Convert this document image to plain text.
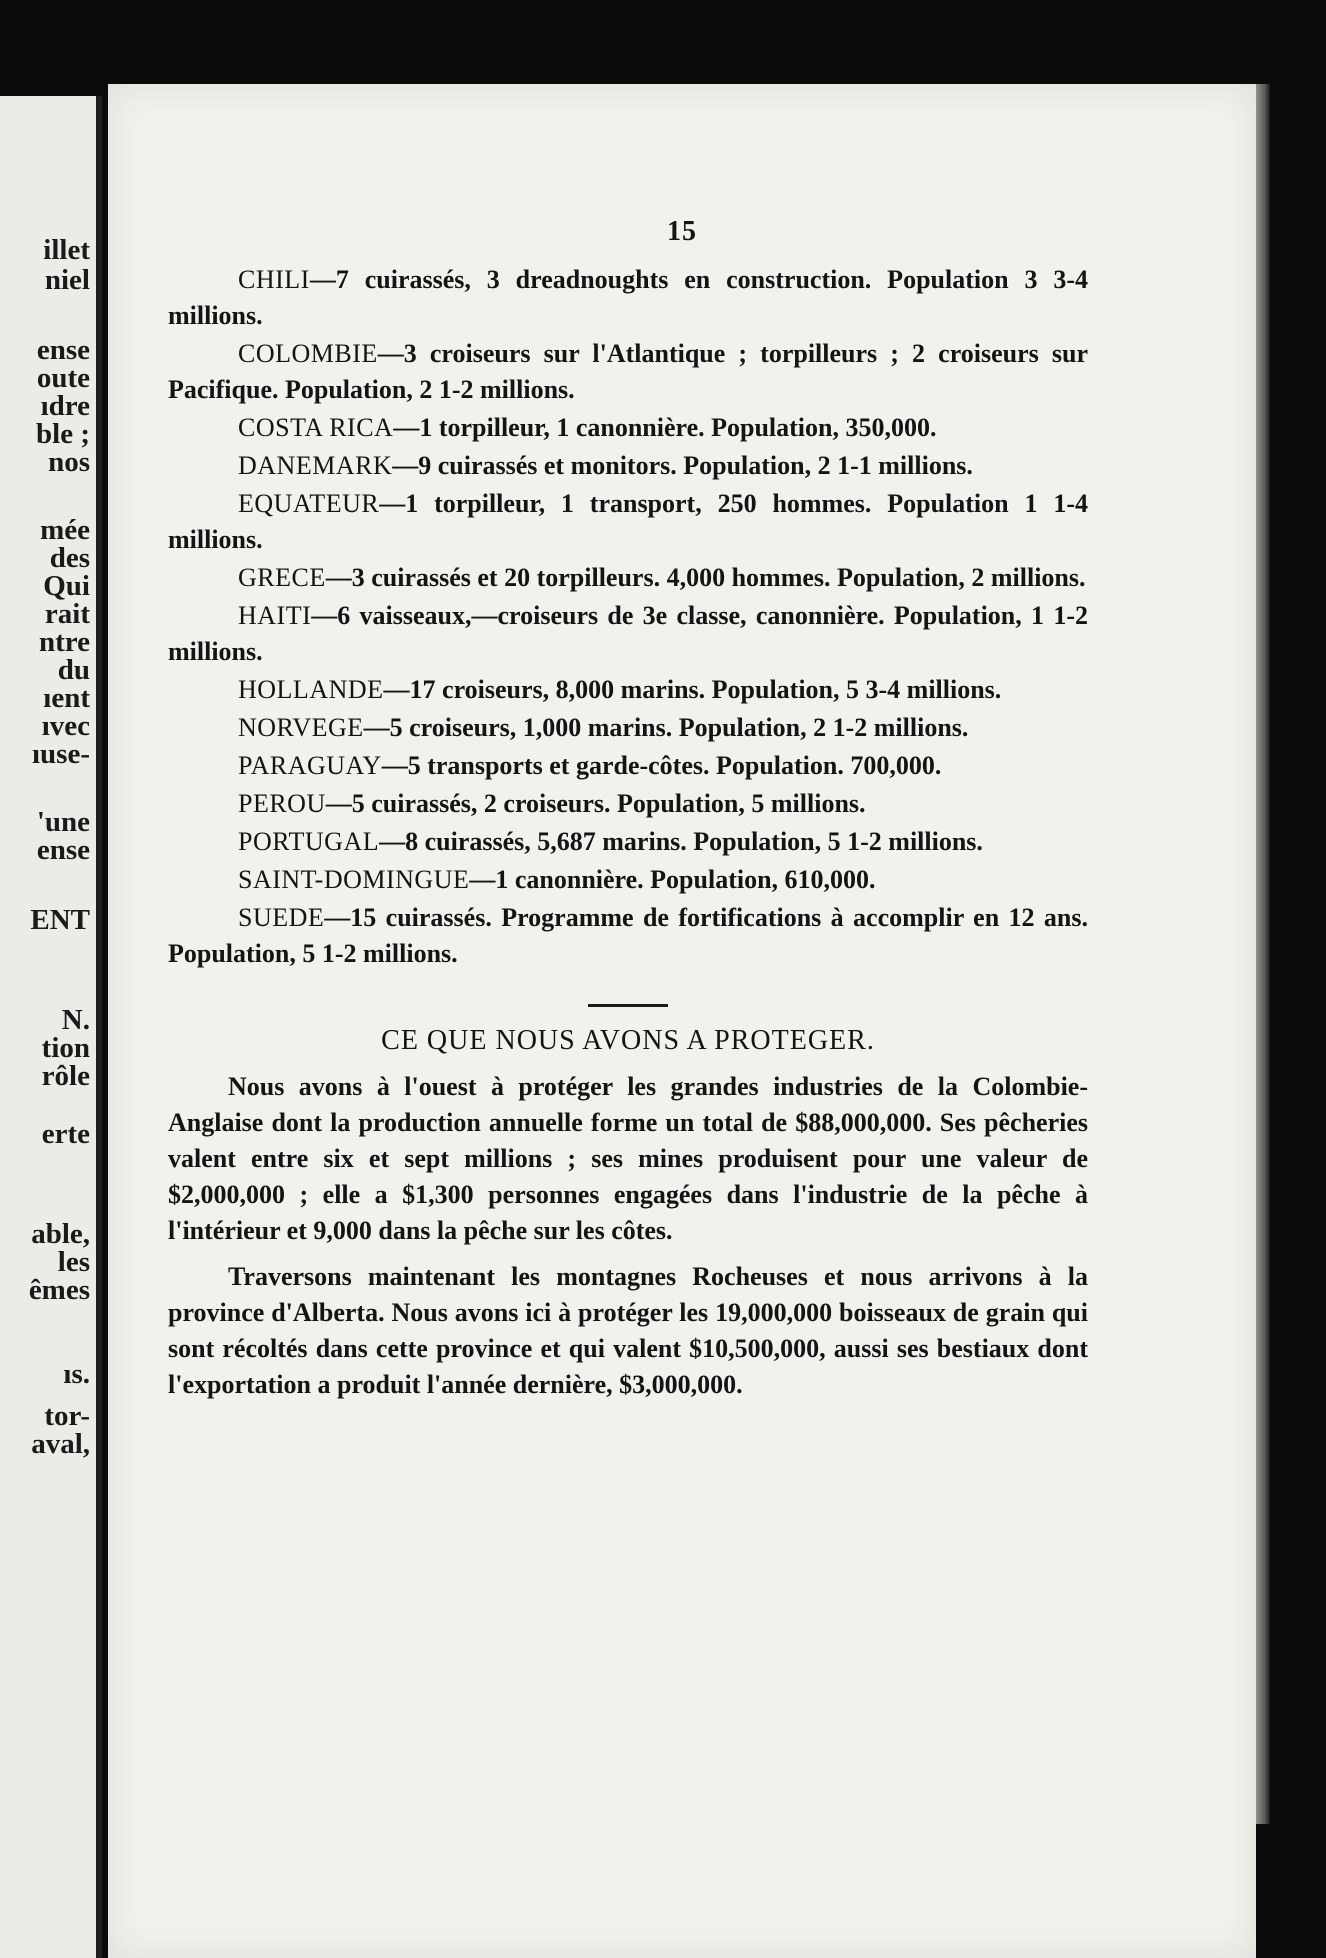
illet
niel
ense
oute
ıdre
ble ;
nos
mée
des
Qui
rait
ntre
du
ıent
ıvec
ıuse-
'une
ense
ENT
N.
tion
rôle
erte
able,
les
êmes
ıs.
tor-
aval,
15

CHILI—7 cuirassés, 3 dreadnoughts en construction. Population 3 3-4 millions.

COLOMBIE—3 croiseurs sur l'Atlantique ; torpilleurs ; 2 croiseurs sur Pacifique. Population, 2 1-2 millions.

COSTA RICA—1 torpilleur, 1 canonnière. Population, 350,000.

DANEMARK—9 cuirassés et monitors. Population, 2 1-1 millions.

EQUATEUR—1 torpilleur, 1 transport, 250 hommes. Population 1 1-4 millions.

GRECE—3 cuirassés et 20 torpilleurs. 4,000 hommes. Population, 2 millions.

HAITI—6 vaisseaux,—croiseurs de 3e classe, canonnière. Population, 1 1-2 millions.

HOLLANDE—17 croiseurs, 8,000 marins. Population, 5 3-4 millions.

NORVEGE—5 croiseurs, 1,000 marins. Population, 2 1-2 millions.

PARAGUAY—5 transports et garde-côtes. Population. 700,000.

PEROU—5 cuirassés, 2 croiseurs. Population, 5 millions.

PORTUGAL—8 cuirassés, 5,687 marins. Population, 5 1-2 millions.

SAINT-DOMINGUE—1 canonnière. Population, 610,000.

SUEDE—15 cuirassés. Programme de fortifications à accomplir en 12 ans. Population, 5 1-2 millions.

CE QUE NOUS AVONS A PROTEGER.

Nous avons à l'ouest à protéger les grandes industries de la Colombie-Anglaise dont la production annuelle forme un total de $88,000,000. Ses pêcheries valent entre six et sept millions ; ses mines produisent pour une valeur de $2,000,000 ; elle a $1,300 personnes engagées dans l'industrie de la pêche à l'intérieur et 9,000 dans la pêche sur les côtes.

Traversons maintenant les montagnes Rocheuses et nous arrivons à la province d'Alberta. Nous avons ici à protéger les 19,000,000 boisseaux de grain qui sont récoltés dans cette province et qui valent $10,500,000, aussi ses bestiaux dont l'exportation a produit l'année dernière, $3,000,000.
